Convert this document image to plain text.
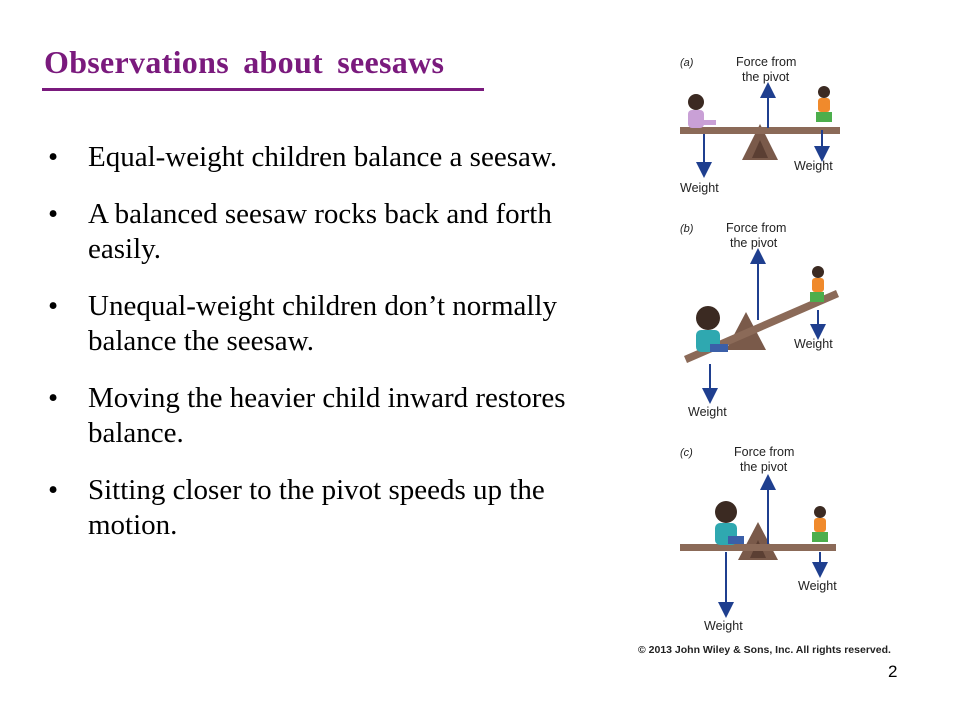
Observations about seesaws
• Equal-weight children balance a seesaw.
• A balanced seesaw rocks back and forth easily.
• Unequal-weight children don’t normally balance the seesaw.
• Moving the heavier child inward restores balance.
• Sitting closer to the pivot speeds up the motion.
(a)	Force from
the pivot
Weight
Weight
(b)	Force from
the pivot
Weight
Weight
(c)	Force from
the pivot
Weight
Weight
© 2013 John Wiley & Sons, Inc. All rights reserved.
2
